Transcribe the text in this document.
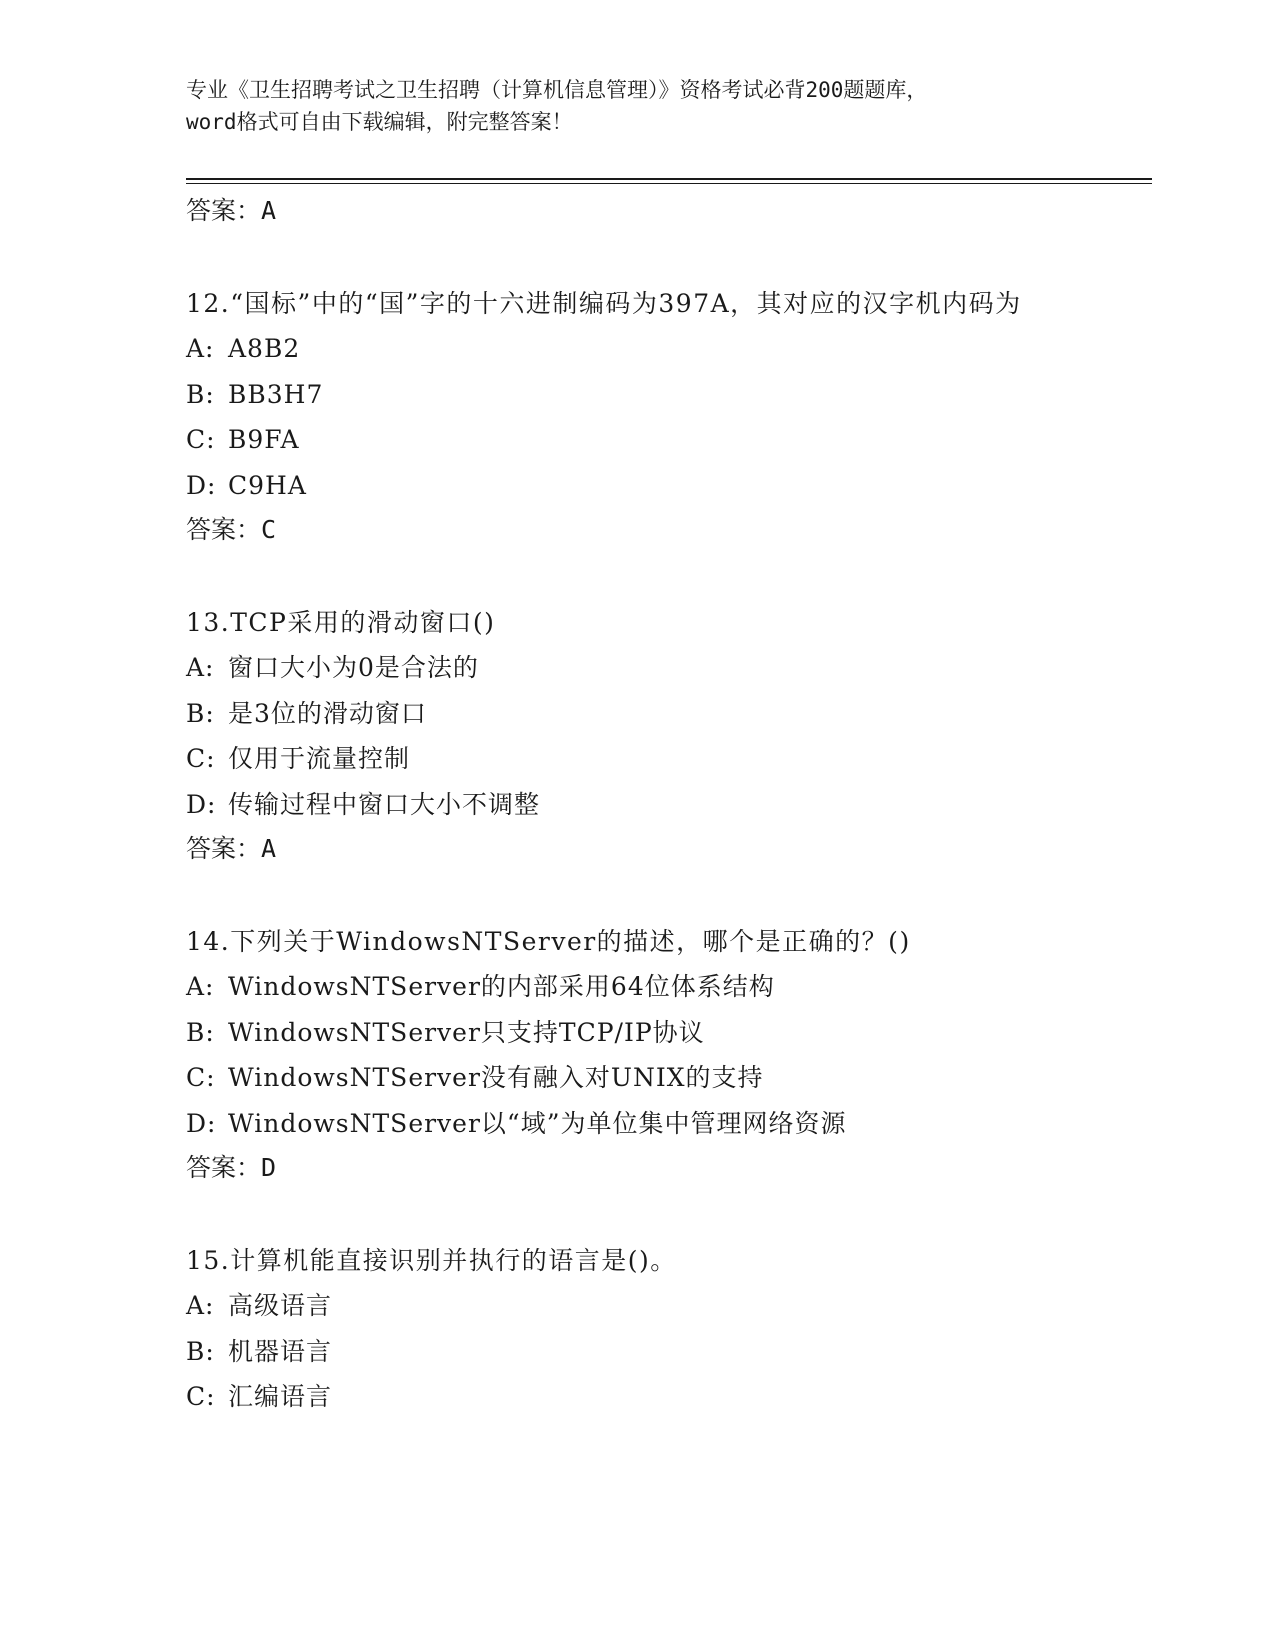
专业《卫生招聘考试之卫生招聘（计算机信息管理）》资格考试必背200题题库，
word格式可自由下载编辑，附完整答案！
答案：A
12.“国标”中的“国”字的十六进制编码为397A，其对应的汉字机内码为
A: A8B2
B: BB3H7
C: B9FA
D: C9HA
答案：C
13.TCP采用的滑动窗口()
A: 窗口大小为0是合法的
B: 是3位的滑动窗口
C: 仅用于流量控制
D: 传输过程中窗口大小不调整
答案：A
14.下列关于WindowsNTServer的描述，哪个是正确的？()
A: WindowsNTServer的内部采用64位体系结构
B: WindowsNTServer只支持TCP/IP协议
C: WindowsNTServer没有融入对UNIX的支持
D: WindowsNTServer以“域”为单位集中管理网络资源
答案：D
15.计算机能直接识别并执行的语言是()。
A: 高级语言
B: 机器语言
C: 汇编语言
